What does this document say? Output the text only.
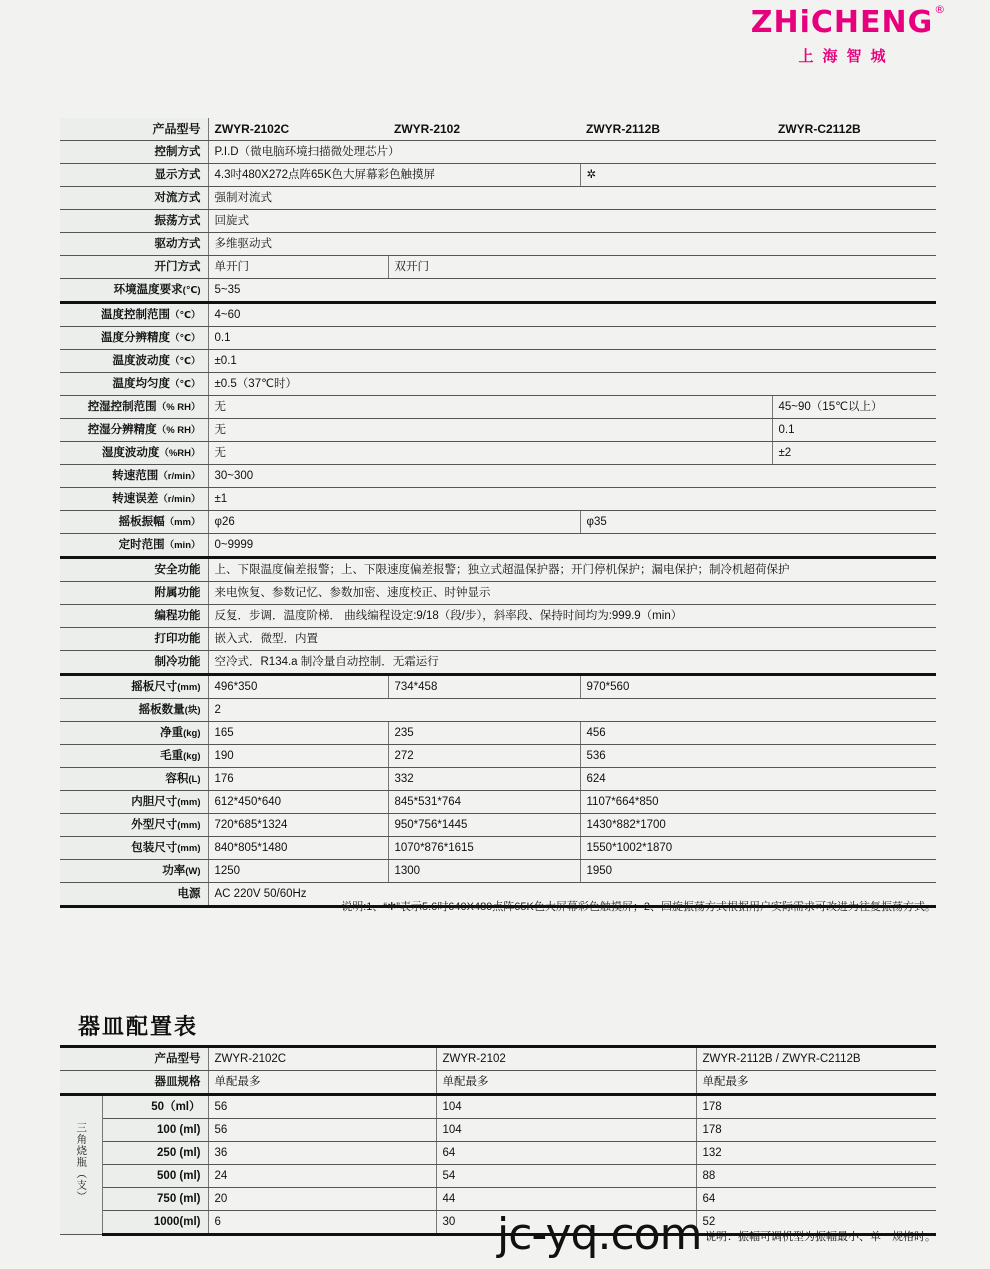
ZHiCHENG ®
上海智城
产品型号	ZWYR-2102C	ZWYR-2102	ZWYR-2112B	ZWYR-C2112B
控制方式	P.I.D（微电脑环境扫描微处理芯片）			
显示方式	4.3吋480X272点阵65K色大屏幕彩色触摸屏		✲	
对流方式	强制对流式			
振荡方式	回旋式			
驱动方式	多维驱动式			
开门方式	单开门	双开门		
环境温度要求(℃)	5~35			
温度控制范围（℃）	4~60			
温度分辨精度（℃）	0.1			
温度波动度（℃）	±0.1			
温度均匀度（℃）	±0.5（37℃时）			
控湿控制范围（% RH）	无			45~90（15℃以上）
控湿分辨精度（% RH）	无			0.1
湿度波动度（%RH）	无			±2
转速范围（r/min）	30~300			
转速误差（r/min）	±1			
摇板振幅（mm）	φ26		φ35	
定时范围（min）	0~9999			
安全功能	上、下限温度偏差报警；上、下限速度偏差报警；独立式超温保护器；开门停机保护；漏电保护；制冷机超荷保护			
附属功能	来电恢复、参数记忆、参数加密、速度校正、时钟显示			
编程功能	反复．步调．温度阶梯． 曲线编程设定:9/18（段/步），斜率段、保持时间均为:999.9（min）			
打印功能	嵌入式．微型．内置			
制冷功能	空冷式．R134.a 制冷量自动控制．无霜运行			
摇板尺寸(mm)	496*350	734*458	970*560	
摇板数量(块)	2			
净重(kg)	165	235	456	
毛重(kg)	190	272	536	
容积(L)	176	332	624	
内胆尺寸(mm)	612*450*640	845*531*764	1107*664*850	
外型尺寸(mm)	720*685*1324	950*756*1445	1430*882*1700	
包装尺寸(mm)	840*805*1480	1070*876*1615	1550*1002*1870	
功率(W)	1250	1300	1950	
电源	AC 220V 50/60Hz			
说明:1、“✲”表示5.6吋640X480点阵65K色大屏幕彩色触摸屏；2、回旋振荡方式根据用户实际需求可改进为往复振荡方式。
器皿配置表
产品型号		ZWYR-2102C	ZWYR-2102	ZWYR-2112B / ZWYR-C2112B
器皿规格		单配最多	单配最多	单配最多
三角烧瓶（支）	50（ml）	56	104	178
	100 (ml)	56	104	178
	250 (ml)	36	64	132
	500 (ml)	24	54	88
	750 (ml)	20	44	64
	1000(ml)	6	30	52
jc-yq.com 说明：振幅可调机型为振幅最小、单一规格时。
